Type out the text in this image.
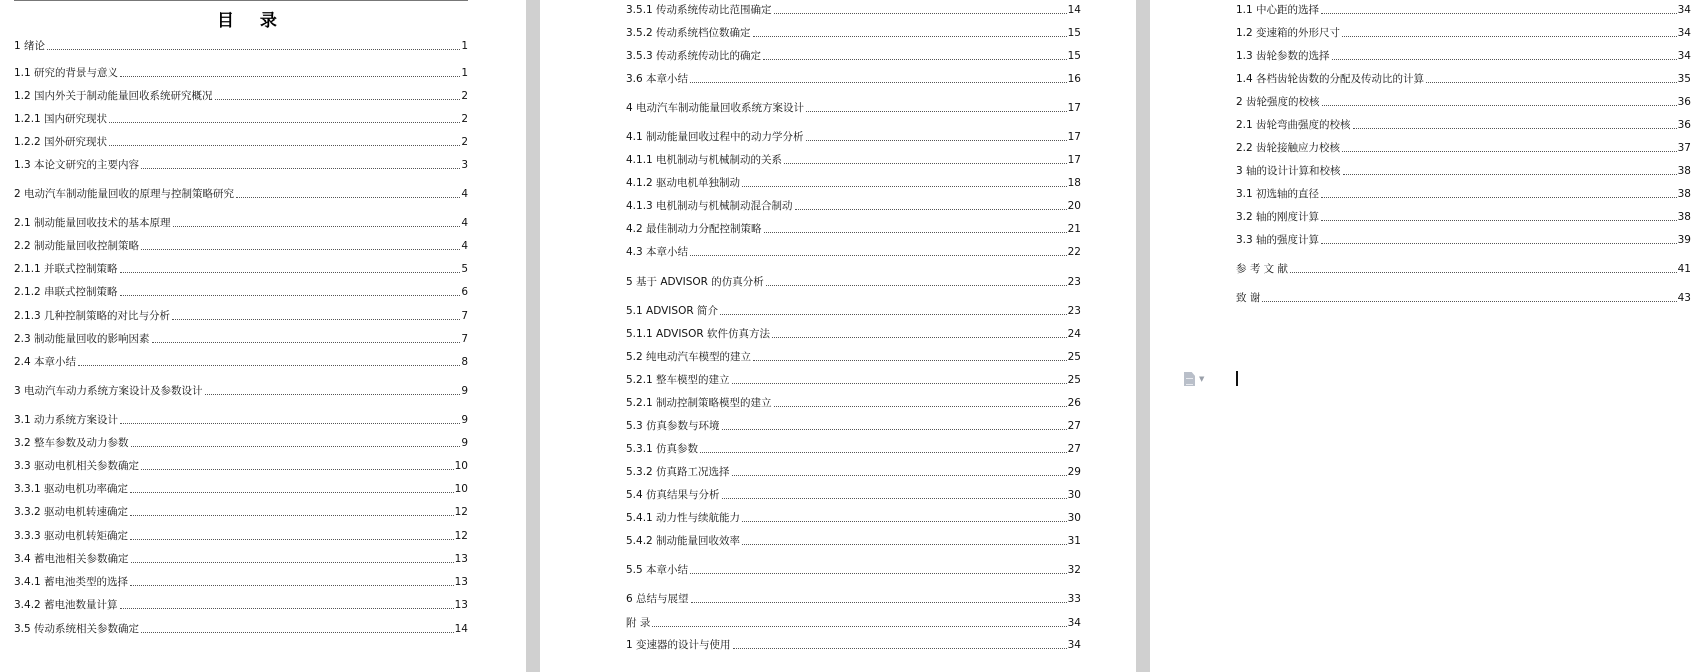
目 录
1 绪论	1
1.1 研究的背景与意义	1
1.2 国内外关于制动能量回收系统研究概况	2
1.2.1 国内研究现状	2
1.2.2 国外研究现状	2
1.3 本论文研究的主要内容	3
2 电动汽车制动能量回收的原理与控制策略研究	4
2.1 制动能量回收技术的基本原理	4
2.2 制动能量回收控制策略	4
2.1.1 并联式控制策略	5
2.1.2 串联式控制策略	6
2.1.3 几种控制策略的对比与分析	7
2.3 制动能量回收的影响因素	7
2.4 本章小结	8
3 电动汽车动力系统方案设计及参数设计	9
3.1 动力系统方案设计	9
3.2 整车参数及动力参数	9
3.3 驱动电机相关参数确定	10
3.3.1 驱动电机功率确定	10
3.3.2 驱动电机转速确定	12
3.3.3 驱动电机转矩确定	12
3.4 蓄电池相关参数确定	13
3.4.1 蓄电池类型的选择	13
3.4.2 蓄电池数量计算	13
3.5 传动系统相关参数确定	14
3.5.1 传动系统传动比范围确定	14
3.5.2 传动系统档位数确定	15
3.5.3 传动系统传动比的确定	15
3.6 本章小结	16
4 电动汽车制动能量回收系统方案设计	17
4.1 制动能量回收过程中的动力学分析	17
4.1.1 电机制动与机械制动的关系	17
4.1.2 驱动电机单独制动	18
4.1.3 电机制动与机械制动混合制动	20
4.2 最佳制动力分配控制策略	21
4.3 本章小结	22
5 基于 ADVISOR 的仿真分析	23
5.1 ADVISOR 简介	23
5.1.1 ADVISOR 软件仿真方法	24
5.2 纯电动汽车模型的建立	25
5.2.1 整车模型的建立	25
5.2.1 制动控制策略模型的建立	26
5.3 仿真参数与环境	27
5.3.1 仿真参数	27
5.3.2 仿真路工况选择	29
5.4 仿真结果与分析	30
5.4.1 动力性与续航能力	30
5.4.2 制动能量回收效率	31
5.5 本章小结	32
6 总结与展望	33
附 录	34
1 变速器的设计与使用	34
1.1 中心距的选择	34
1.2 变速箱的外形尺寸	34
1.3 齿轮参数的选择	34
1.4 各档齿轮齿数的分配及传动比的计算	35
2 齿轮强度的校核	36
2.1 齿轮弯曲强度的校核	36
2.2 齿轮接触应力校核	37
3 轴的设计计算和校核	38
3.1 初选轴的直径	38
3.2 轴的刚度计算	38
3.3 轴的强度计算	39
参 考 文 献	41
致 谢	43
▼
